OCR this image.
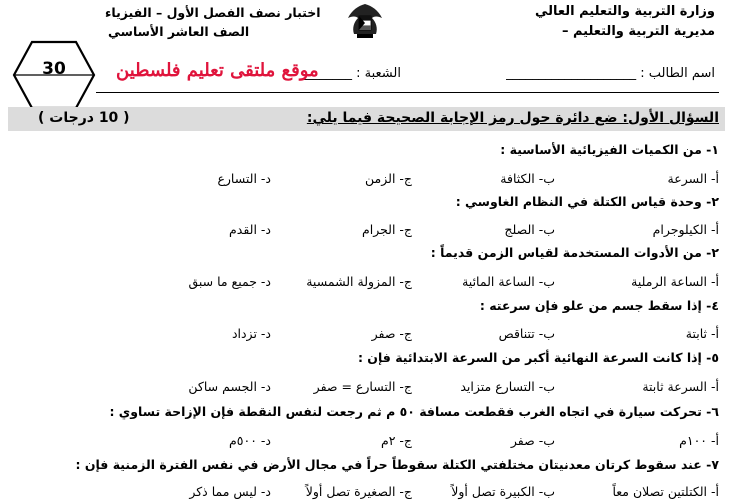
وزارة التربية والتعليم العالي
مديرية التربية والتعليم –
اختبار نصف الفصل الأول – الفيزياء
الصف العاشر الأساسي
30	اسم الطالب : ____________________
الشعبة : ________
موقع ملتقى تعليم فلسطين
السؤال الأول: ضع دائرة حول رمز الإجابة الصحيحة فيما يلي:
( 10 درجات )
١- من الكميات الفيزيائية الأساسية :
أ- السرعة
ب- الكثافة
ج- الزمن
د- التسارع
٢- وحدة قياس الكتلة في النظام الغاوسي :
أ- الكيلوجرام
ب- الصلج
ج- الجرام
د- القدم
٢- من الأدوات المستخدمة لقياس الزمن قديماً :
أ- الساعة الرملية
ب- الساعة المائية
ج- المزولة الشمسية
د- جميع ما سبق
٤- إذا سقط جسم من علو فإن سرعته :
أ- ثابتة
ب- تتناقص
ج- صفر
د- تزداد
٥- إذا كانت السرعة النهائية أكبر من السرعة الابتدائية فإن :
أ- السرعة ثابتة
ب- التسارع متزايد
ج- التسارع = صفر
د- الجسم ساكن
٦- تحركت سيارة في اتجاه الغرب فقطعت مسافة ٥٠ م ثم رجعت لنفس النقطة فإن الإزاحة تساوي :
أ- ١٠٠م
ب- صفر
ج- ٢م
د- ٥٠٠م
٧- عند سقوط كرتان معدنيتان مختلفتي الكتلة سقوطاً حراً في مجال الأرض في نفس الفترة الزمنية فإن :
أ- الكتلتين تصلان معاً
ب- الكبيرة تصل أولاً
ج- الصغيرة تصل أولاً
د- ليس مما ذكر
